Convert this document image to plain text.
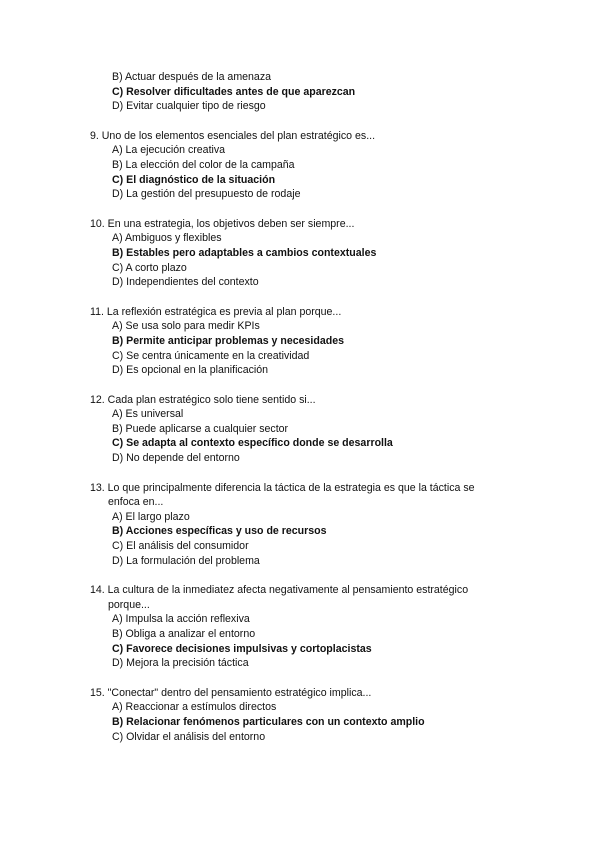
B) Actuar después de la amenaza
C) Resolver dificultades antes de que aparezcan
D) Evitar cualquier tipo de riesgo
9. Uno de los elementos esenciales del plan estratégico es...
A) La ejecución creativa
B) La elección del color de la campaña
C) El diagnóstico de la situación
D) La gestión del presupuesto de rodaje
10. En una estrategia, los objetivos deben ser siempre...
A) Ambiguos y flexibles
B) Estables pero adaptables a cambios contextuales
C) A corto plazo
D) Independientes del contexto
11. La reflexión estratégica es previa al plan porque...
A) Se usa solo para medir KPIs
B) Permite anticipar problemas y necesidades
C) Se centra únicamente en la creatividad
D) Es opcional en la planificación
12. Cada plan estratégico solo tiene sentido si...
A) Es universal
B) Puede aplicarse a cualquier sector
C) Se adapta al contexto específico donde se desarrolla
D) No depende del entorno
13. Lo que principalmente diferencia la táctica de la estrategia es que la táctica se enfoca en...
A) El largo plazo
B) Acciones específicas y uso de recursos
C) El análisis del consumidor
D) La formulación del problema
14. La cultura de la inmediatez afecta negativamente al pensamiento estratégico porque...
A) Impulsa la acción reflexiva
B) Obliga a analizar el entorno
C) Favorece decisiones impulsivas y cortoplacistas
D) Mejora la precisión táctica
15. "Conectar" dentro del pensamiento estratégico implica...
A) Reaccionar a estímulos directos
B) Relacionar fenómenos particulares con un contexto amplio
C) Olvidar el análisis del entorno
